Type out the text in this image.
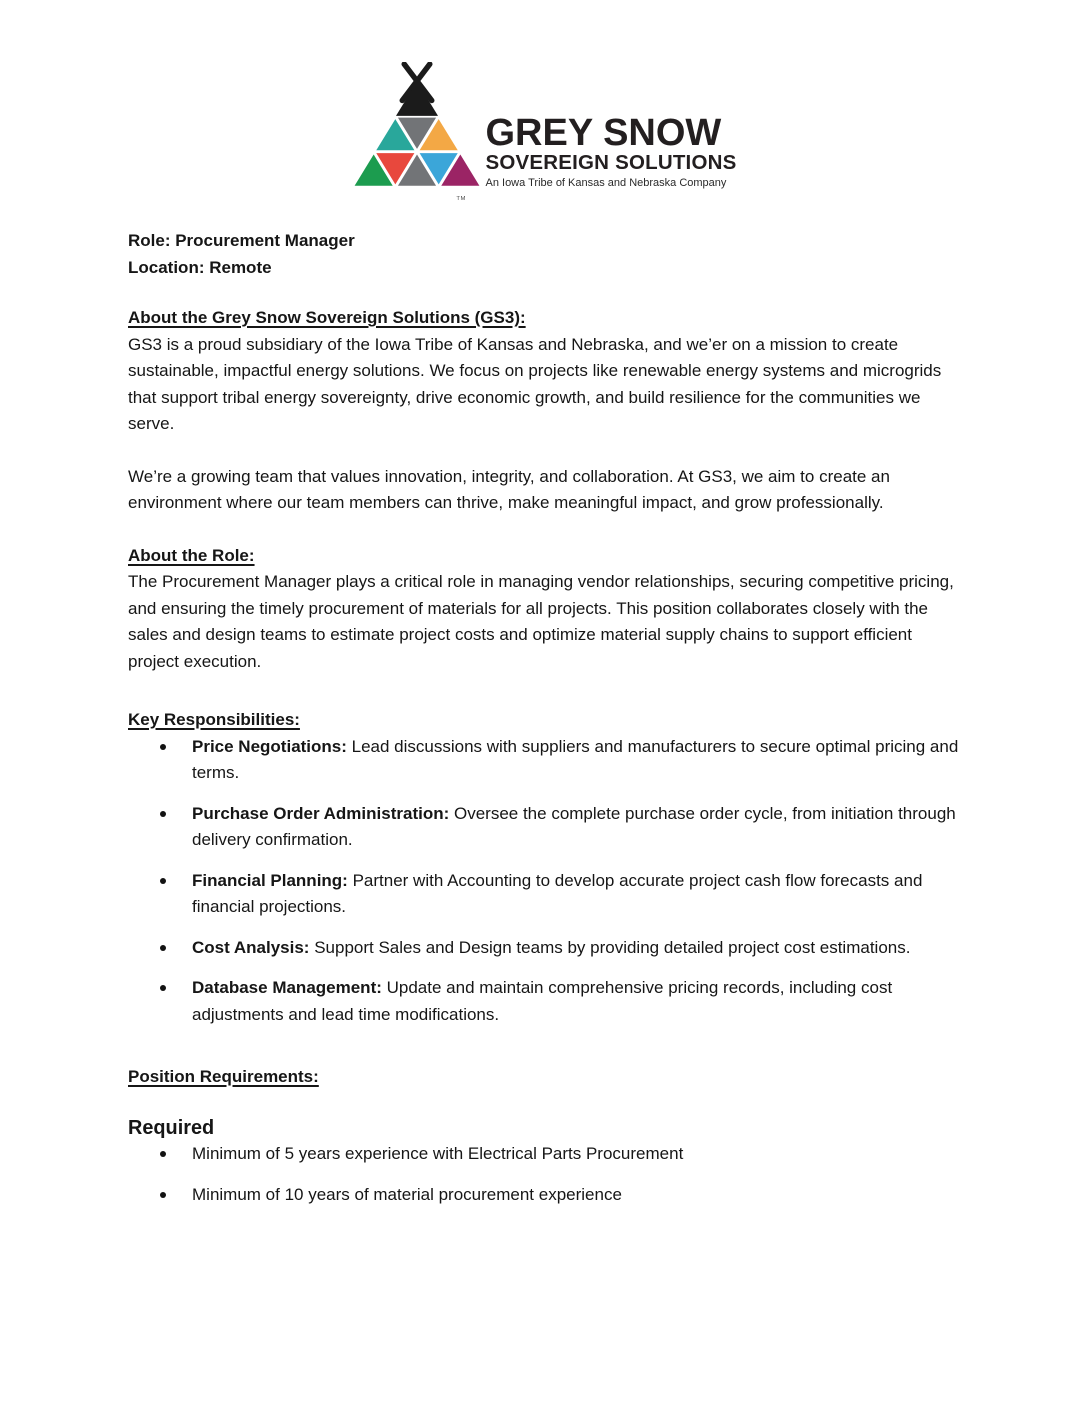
TM
GREY SNOW
SOVEREIGN SOLUTIONS
An Iowa Tribe of Kansas and Nebraska Company

Role: Procurement Manager

Location: Remote

About the Grey Snow Sovereign Solutions (GS3):

GS3 is a proud subsidiary of the Iowa Tribe of Kansas and Nebraska, and we’er on a mission to create sustainable, impactful energy solutions. We focus on projects like renewable energy systems and microgrids that support tribal energy sovereignty, drive economic growth, and build resilience for the communities we serve.

We’re a growing team that values innovation, integrity, and collaboration. At GS3, we aim to create an environment where our team members can thrive, make meaningful impact, and grow professionally.

About the Role:

The Procurement Manager plays a critical role in managing vendor relationships, securing competitive pricing, and ensuring the timely procurement of materials for all projects. This position collaborates closely with the sales and design teams to estimate project costs and optimize material supply chains to support efficient project execution.

Key Responsibilities:
Price Negotiations: Lead discussions with suppliers and manufacturers to secure optimal pricing and terms.
Purchase Order Administration: Oversee the complete purchase order cycle, from initiation through delivery confirmation.
Financial Planning: Partner with Accounting to develop accurate project cash flow forecasts and financial projections.
Cost Analysis: Support Sales and Design teams by providing detailed project cost estimations.
Database Management: Update and maintain comprehensive pricing records, including cost adjustments and lead time modifications.
Position Requirements:
Required
Minimum of 5 years experience with Electrical Parts Procurement
Minimum of 10 years of material procurement experience
